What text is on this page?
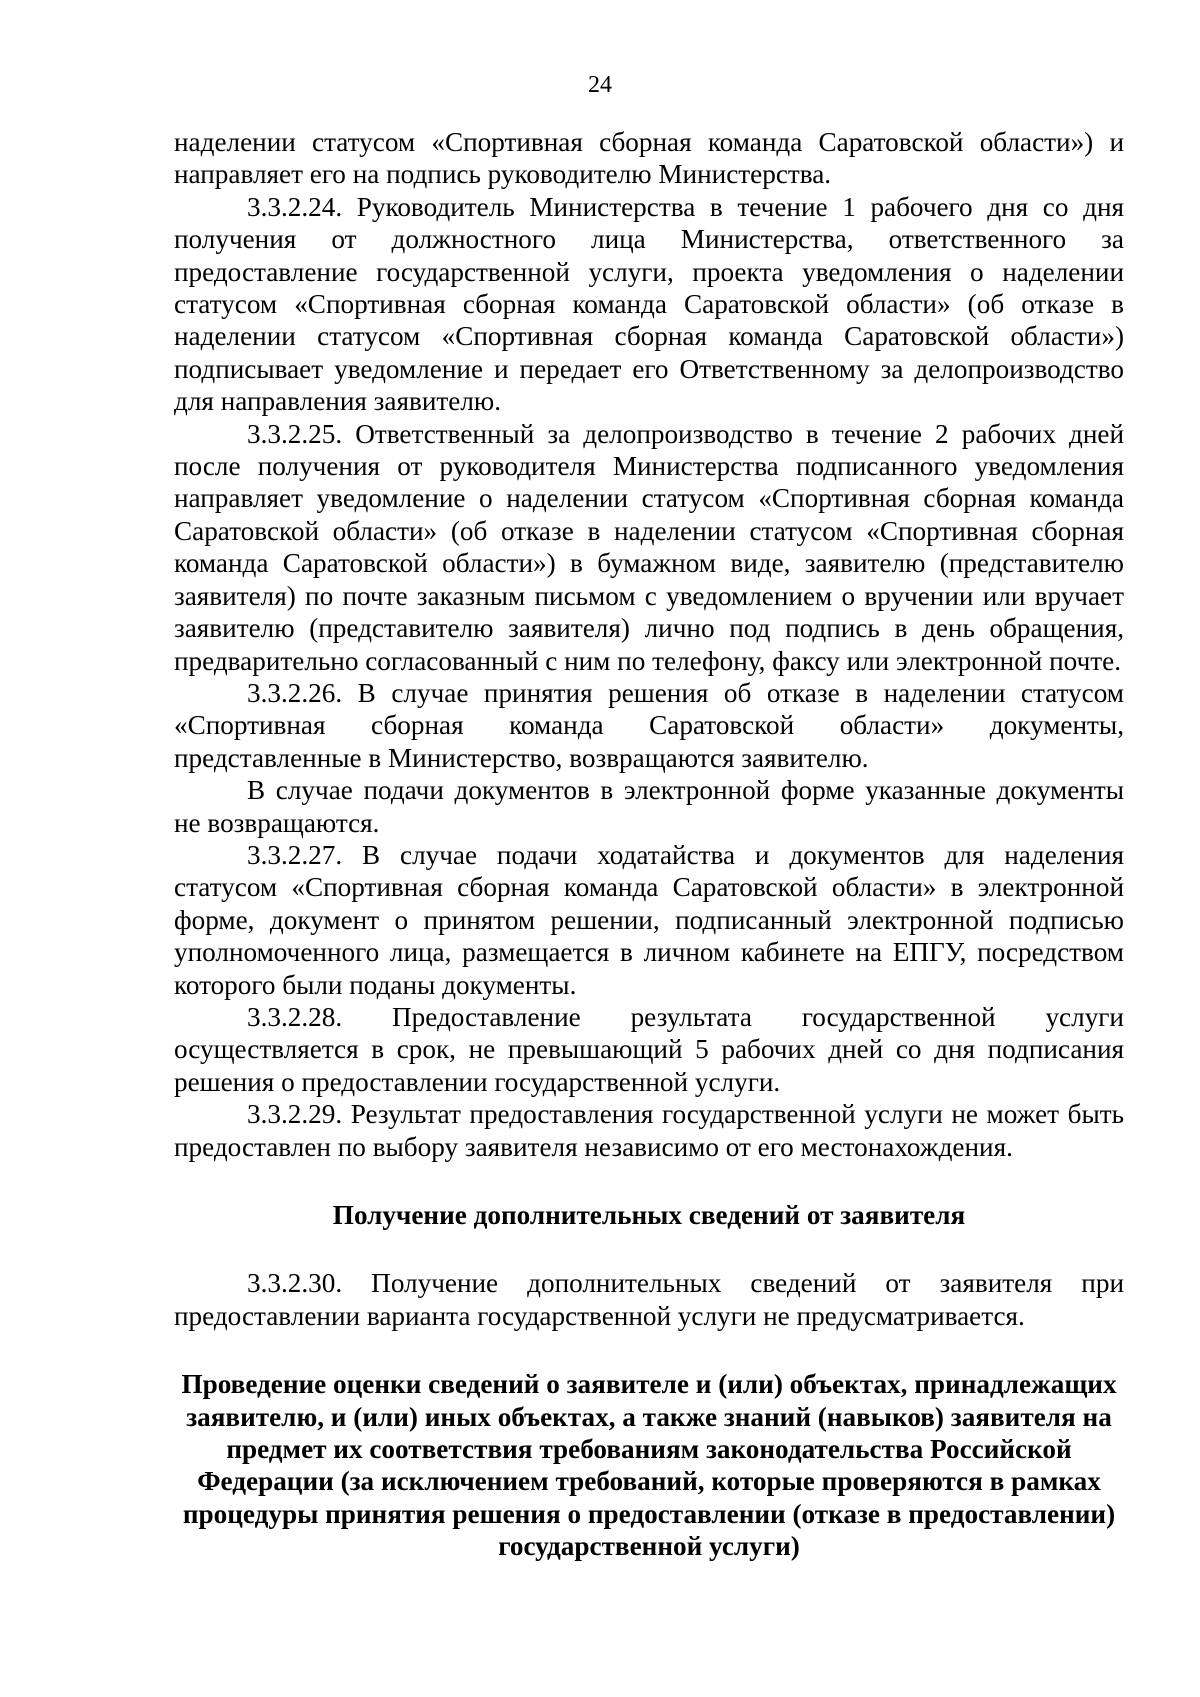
24

наделении статусом «Спортивная сборная команда Саратовской области») и направляет его на подпись руководителю Министерства.

3.3.2.24. Руководитель Министерства в течение 1 рабочего дня со дня получения от должностного лица Министерства, ответственного за предоставление государственной услуги, проекта уведомления о наделении статусом «Спортивная сборная команда Саратовской области» (об отказе в наделении статусом «Спортивная сборная команда Саратовской области») подписывает уведомление и передает его Ответственному за делопроизводство для направления заявителю.

3.3.2.25. Ответственный за делопроизводство в течение 2 рабочих дней после получения от руководителя Министерства подписанного уведомления направляет уведомление о наделении статусом «Спортивная сборная команда Саратовской области» (об отказе в наделении статусом «Спортивная сборная команда Саратовской области») в бумажном виде, заявителю (представителю заявителя) по почте заказным письмом с уведомлением о вручении или вручает заявителю (представителю заявителя) лично под подпись в день обращения, предварительно согласованный с ним по телефону, факсу или электронной почте.

3.3.2.26. В случае принятия решения об отказе в наделении статусом «Спортивная сборная команда Саратовской области» документы, представленные в Министерство, возвращаются заявителю.

В случае подачи документов в электронной форме указанные документы не возвращаются.

3.3.2.27. В случае подачи ходатайства и документов для наделения статусом «Спортивная сборная команда Саратовской области» в электронной форме, документ о принятом решении, подписанный электронной подписью уполномоченного лица, размещается в личном кабинете на ЕПГУ, посредством которого были поданы документы.

3.3.2.28. Предоставление результата государственной услуги осуществляется в срок, не превышающий 5 рабочих дней со дня подписания решения о предоставлении государственной услуги.

3.3.2.29. Результат предоставления государственной услуги не может быть предоставлен по выбору заявителя независимо от его местонахождения.

Получение дополнительных сведений от заявителя

3.3.2.30. Получение дополнительных сведений от заявителя при предоставлении варианта государственной услуги не предусматривается.

Проведение оценки сведений о заявителе и (или) объектах, принадлежащих заявителю, и (или) иных объектах, а также знаний (навыков) заявителя на предмет их соответствия требованиям законодательства Российской Федерации (за исключением требований, которые проверяются в рамках процедуры принятия решения о предоставлении (отказе в предоставлении) государственной услуги)
